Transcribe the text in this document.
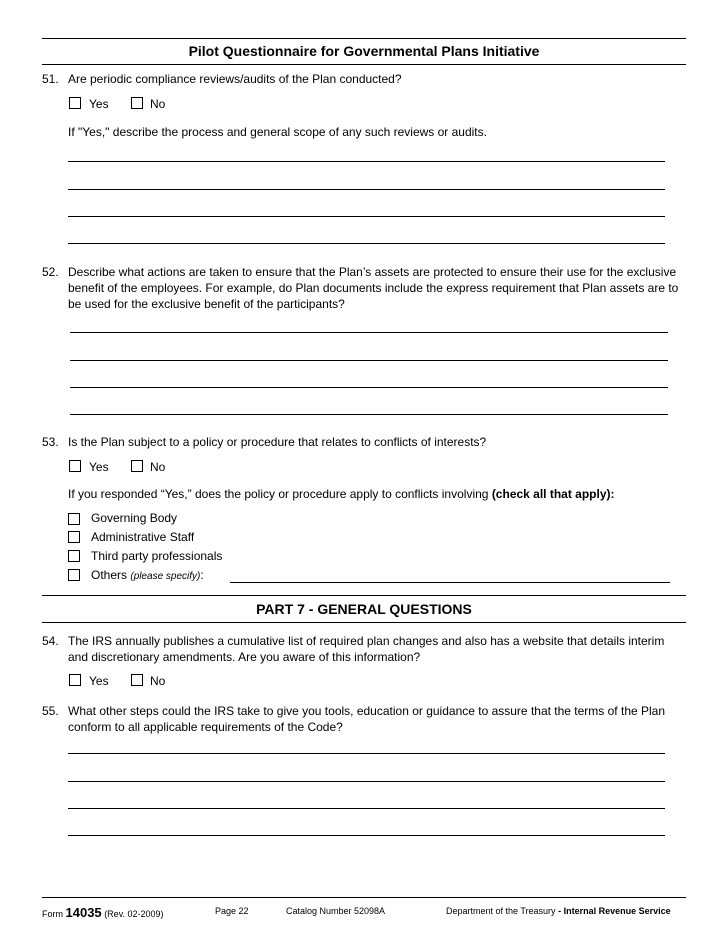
Pilot Questionnaire for Governmental Plans Initiative
51. Are periodic compliance reviews/audits of the Plan conducted?
Yes	No
If "Yes," describe the process and general scope of any such reviews or audits.
52. Describe what actions are taken to ensure that the Plan’s assets are protected to ensure their use for the exclusive benefit of the employees. For example, do Plan documents include the express requirement that Plan assets are to be used for the exclusive benefit of the participants?
53. Is the Plan subject to a policy or procedure that relates to conflicts of interests?
Yes	No
If you responded “Yes,” does the policy or procedure apply to conflicts involving (check all that apply):
Governing Body
Administrative Staff
Third party professionals
Others (please specify):
PART 7 - GENERAL QUESTIONS
54. The IRS annually publishes a cumulative list of required plan changes and also has a website that details interim and discretionary amendments. Are you aware of this information?
Yes	No
55. What other steps could the IRS take to give you tools, education or guidance to assure that the terms of the Plan conform to all applicable requirements of the Code?
Form 14035 (Rev. 02-2009)	Page 22	Catalog Number 52098A	Department of the Treasury - Internal Revenue Service
